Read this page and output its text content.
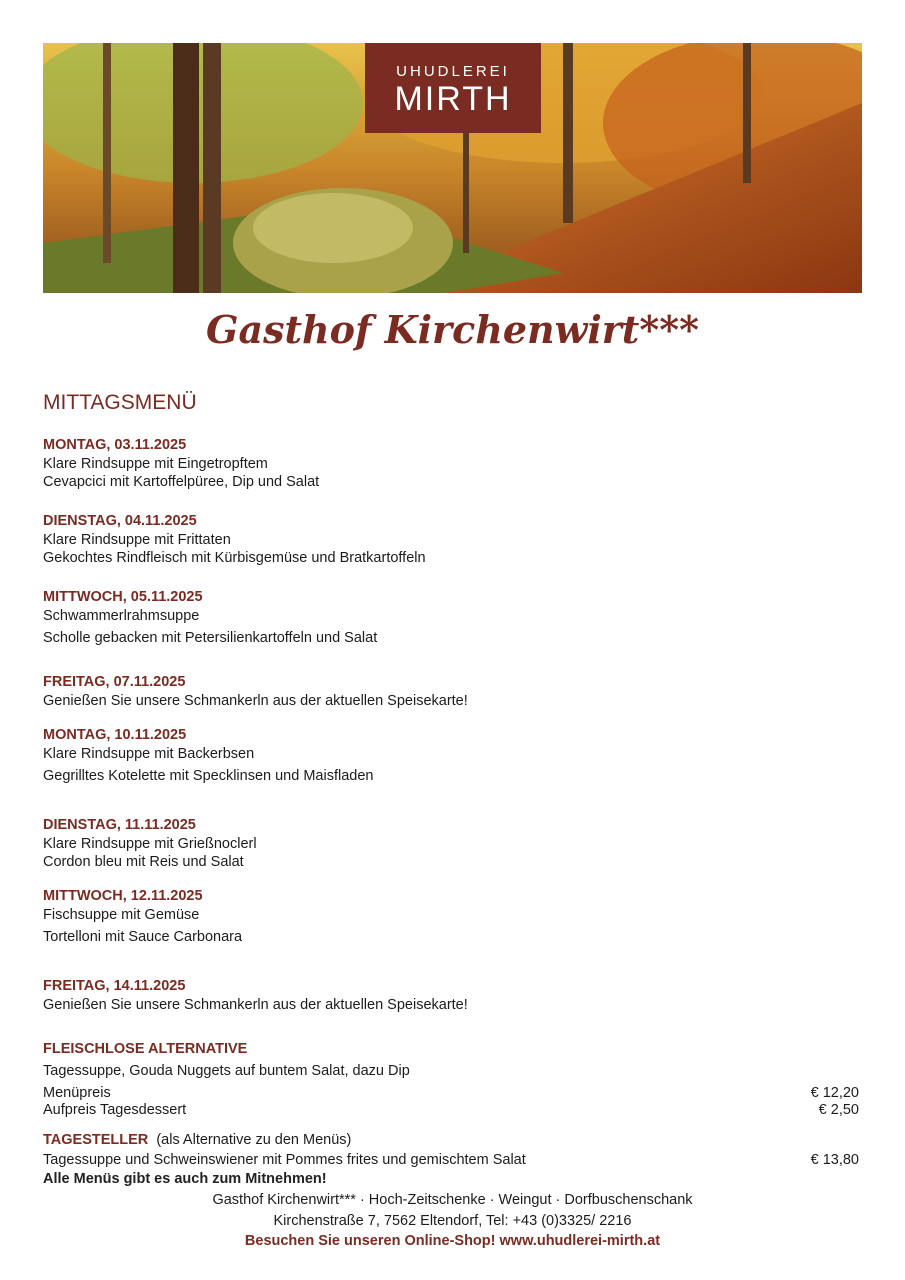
UHUDLEREI
MIRTH
Gasthof Kirchenwirt***
MITTAGSMENÜ
MONTAG, 03.11.2025
Klare Rindsuppe mit Eingetropftem
Cevapcici mit Kartoffelpüree, Dip und Salat
DIENSTAG, 04.11.2025
Klare Rindsuppe mit Frittaten
Gekochtes Rindfleisch mit Kürbisgemüse und Bratkartoffeln
MITTWOCH, 05.11.2025
Schwammerlrahmsuppe
Scholle gebacken mit Petersilienkartoffeln und Salat
FREITAG, 07.11.2025
Genießen Sie unsere Schmankerln aus der aktuellen Speisekarte!
MONTAG, 10.11.2025
Klare Rindsuppe mit Backerbsen
Gegrilltes Kotelette mit Specklinsen und Maisfladen
DIENSTAG, 11.11.2025
Klare Rindsuppe mit Grießnoclerl
Cordon bleu mit Reis und Salat
MITTWOCH, 12.11.2025
Fischsuppe mit Gemüse
Tortelloni mit Sauce Carbonara
FREITAG, 14.11.2025
Genießen Sie unsere Schmankerln aus der aktuellen Speisekarte!
FLEISCHLOSE ALTERNATIVE
Tagessuppe, Gouda Nuggets auf buntem Salat, dazu Dip
Menüpreis	€ 12,20
Aufpreis Tagesdessert	€ 2,50
TAGESTELLER (als Alternative zu den Menüs)
Tagessuppe und Schweinswiener mit Pommes frites und gemischtem Salat	€ 13,80
Alle Menüs gibt es auch zum Mitnehmen!
Gasthof Kirchenwirt*** · Hoch-Zeitschenke · Weingut · Dorfbuschenschank
Kirchenstraße 7, 7562 Eltendorf, Tel: +43 (0)3325/ 2216
Besuchen Sie unseren Online-Shop! www.uhudlerei-mirth.at
